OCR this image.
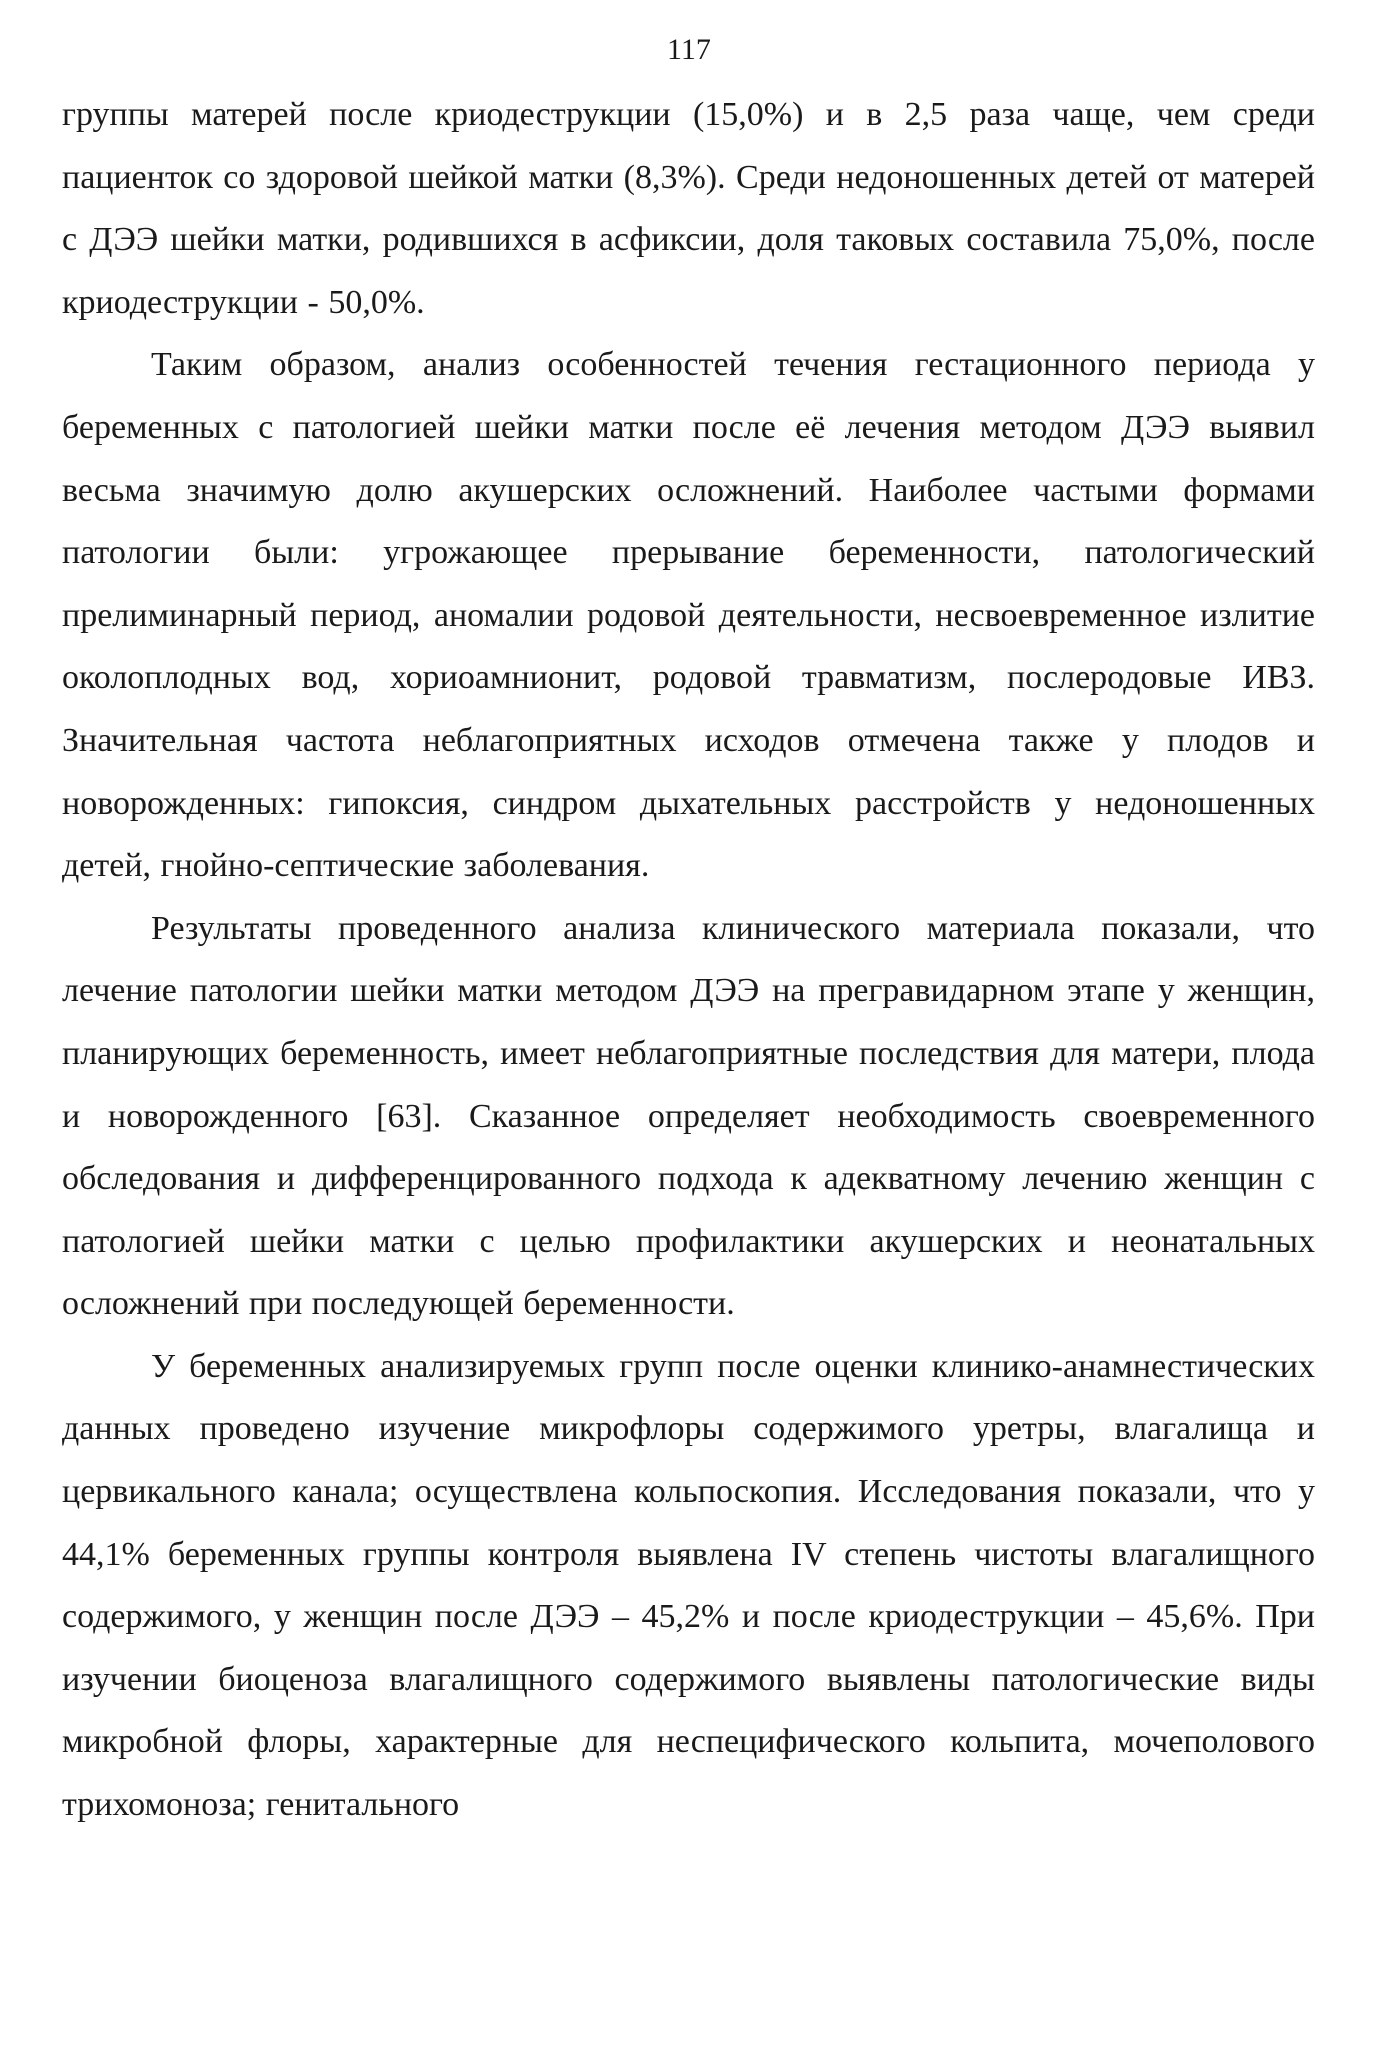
117

группы матерей после криодеструкции (15,0%) и в 2,5 раза чаще, чем среди пациенток со здоровой шейкой матки (8,3%). Среди недоношенных детей от матерей с ДЭЭ шейки матки, родившихся в асфиксии, доля таковых составила 75,0%, после криодеструкции - 50,0%.

Таким образом, анализ особенностей течения гестационного периода у беременных с патологией шейки матки после её лечения методом ДЭЭ выявил весьма значимую долю акушерских осложнений. Наиболее частыми формами патологии были: угрожающее прерывание беременности, патологический прелиминарный период, аномалии родовой деятельности, несвоевременное излитие околоплодных вод, хориоамнионит, родовой травматизм, послеродовые ИВЗ. Значительная частота неблагоприятных исходов отмечена также у плодов и новорожденных: гипоксия, синдром дыхательных расстройств у недоношенных детей, гнойно-септические заболевания.

Результаты проведенного анализа клинического материала показали, что лечение патологии шейки матки методом ДЭЭ на прегравидарном этапе у женщин, планирующих беременность, имеет неблагоприятные последствия для матери, плода и новорожденного [63]. Сказанное определяет необходимость своевременного обследования и дифференцированного подхода к адекватному лечению женщин с патологией шейки матки с целью профилактики акушерских и неонатальных осложнений при последующей беременности.

У беременных анализируемых групп после оценки клинико-анамнестических данных проведено изучение микрофлоры содержимого уретры, влагалища и цервикального канала; осуществлена кольпоскопия. Исследования показали, что у 44,1% беременных группы контроля выявлена IV степень чистоты влагалищного содержимого, у женщин после ДЭЭ – 45,2% и после криодеструкции – 45,6%. При изучении биоценоза влагалищного содержимого выявлены патологические виды микробной флоры, характерные для неспецифического кольпита, мочеполового трихомоноза; генитального
